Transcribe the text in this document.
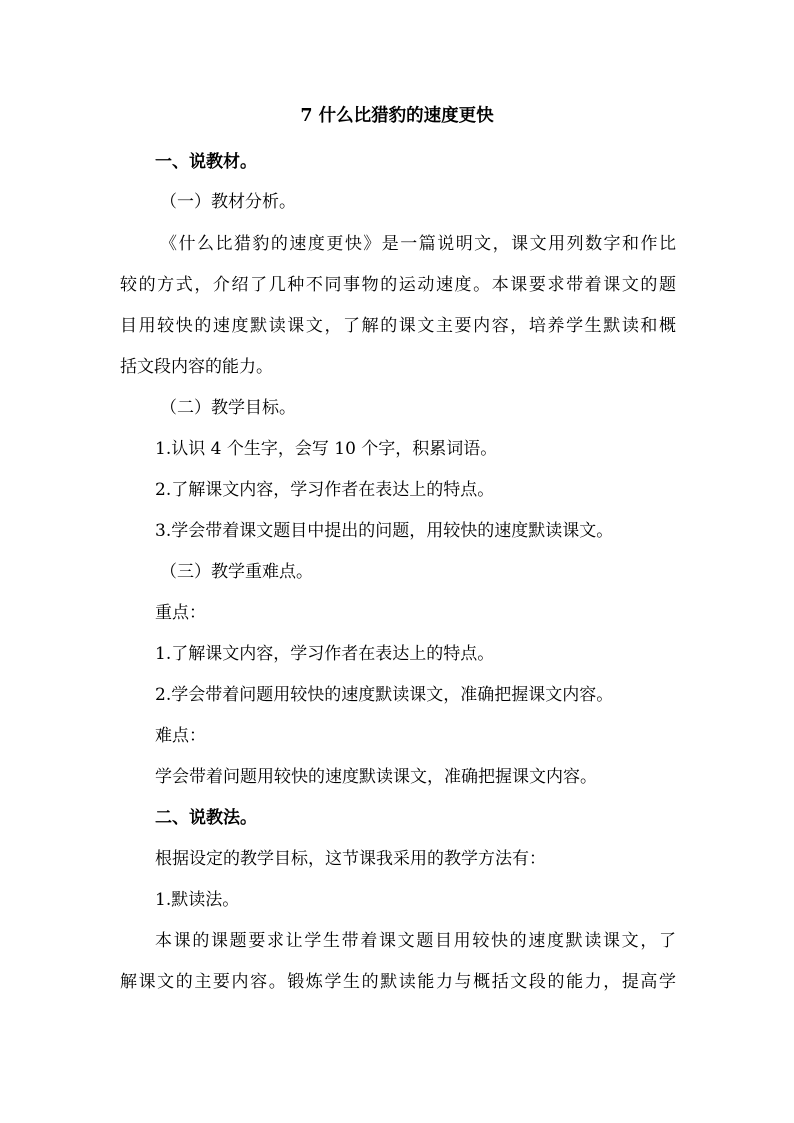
7 什么比猎豹的速度更快
一、说教材。
（一）教材分析。
《什么比猎豹的速度更快》是一篇说明文，课文用列数字和作比
较的方式，介绍了几种不同事物的运动速度。本课要求带着课文的题
目用较快的速度默读课文，了解的课文主要内容，培养学生默读和概
括文段内容的能力。
（二）教学目标。
1.认识 4 个生字，会写 10 个字，积累词语。
2.了解课文内容，学习作者在表达上的特点。
3.学会带着课文题目中提出的问题，用较快的速度默读课文。
（三）教学重难点。
重点：
1.了解课文内容，学习作者在表达上的特点。
2.学会带着问题用较快的速度默读课文，准确把握课文内容。
难点：
学会带着问题用较快的速度默读课文，准确把握课文内容。
二、说教法。
根据设定的教学目标，这节课我采用的教学方法有：
1.默读法。
本课的课题要求让学生带着课文题目用较快的速度默读课文，了
解课文的主要内容。锻炼学生的默读能力与概括文段的能力，提高学
